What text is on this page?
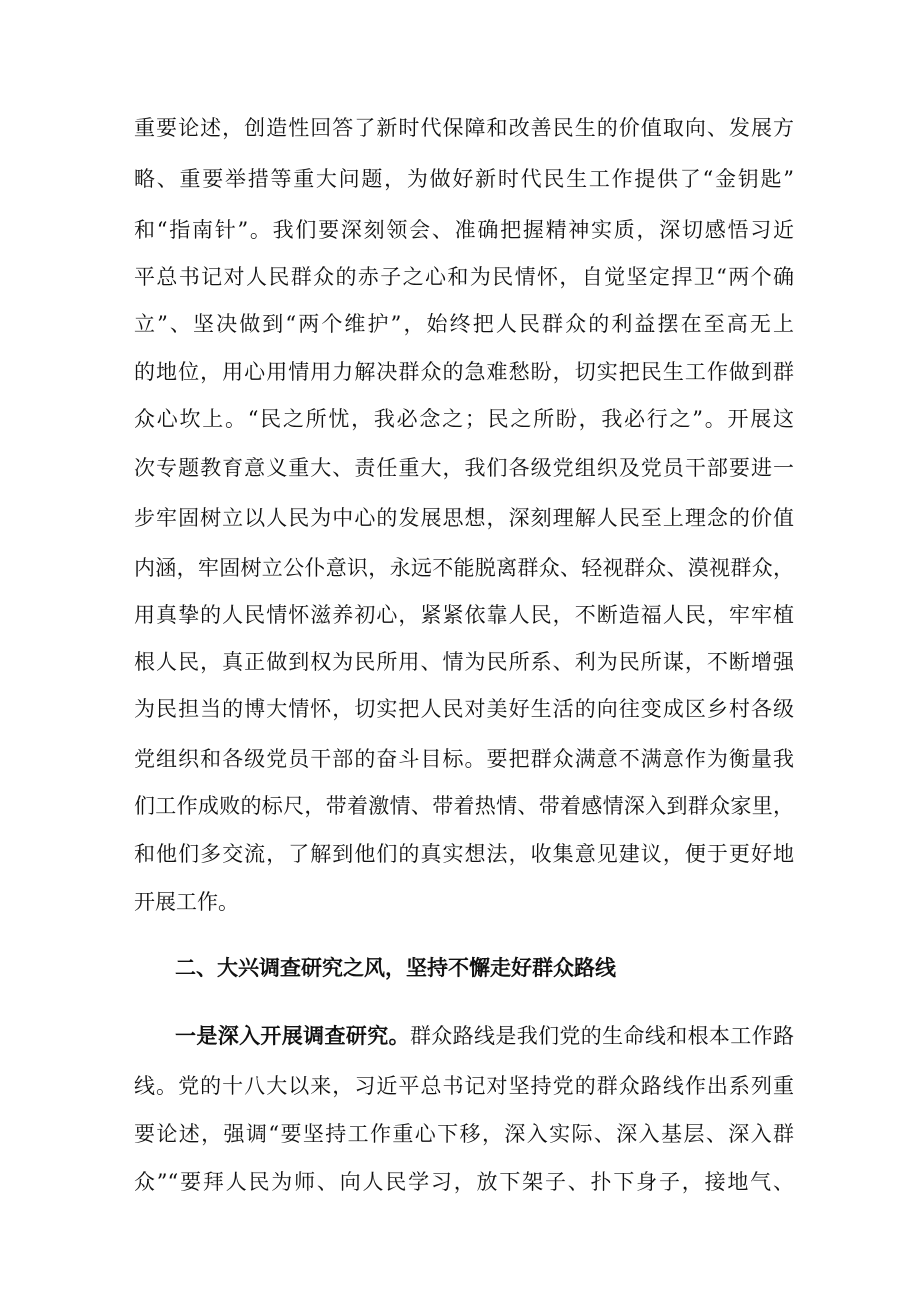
重要论述，创造性回答了新时代保障和改善民生的价值取向、发展方
略、重要举措等重大问题，为做好新时代民生工作提供了“金钥匙”
和“指南针”。我们要深刻领会、准确把握精神实质，深切感悟习近
平总书记对人民群众的赤子之心和为民情怀，自觉坚定捍卫“两个确
立”、坚决做到“两个维护”，始终把人民群众的利益摆在至高无上
的地位，用心用情用力解决群众的急难愁盼，切实把民生工作做到群
众心坎上。“民之所忧，我必念之；民之所盼，我必行之”。开展这
次专题教育意义重大、责任重大，我们各级党组织及党员干部要进一
步牢固树立以人民为中心的发展思想，深刻理解人民至上理念的价值
内涵，牢固树立公仆意识，永远不能脱离群众、轻视群众、漠视群众，
用真挚的人民情怀滋养初心，紧紧依靠人民，不断造福人民，牢牢植
根人民，真正做到权为民所用、情为民所系、利为民所谋，不断增强
为民担当的博大情怀，切实把人民对美好生活的向往变成区乡村各级
党组织和各级党员干部的奋斗目标。要把群众满意不满意作为衡量我
们工作成败的标尺，带着激情、带着热情、带着感情深入到群众家里，
和他们多交流，了解到他们的真实想法，收集意见建议，便于更好地
开展工作。
二、大兴调查研究之风，坚持不懈走好群众路线
一是深入开展调查研究。群众路线是我们党的生命线和根本工作路
线。党的十八大以来，习近平总书记对坚持党的群众路线作出系列重
要论述，强调“要坚持工作重心下移，深入实际、深入基层、深入群
众”“要拜人民为师、向人民学习，放下架子、扑下身子，接地气、
